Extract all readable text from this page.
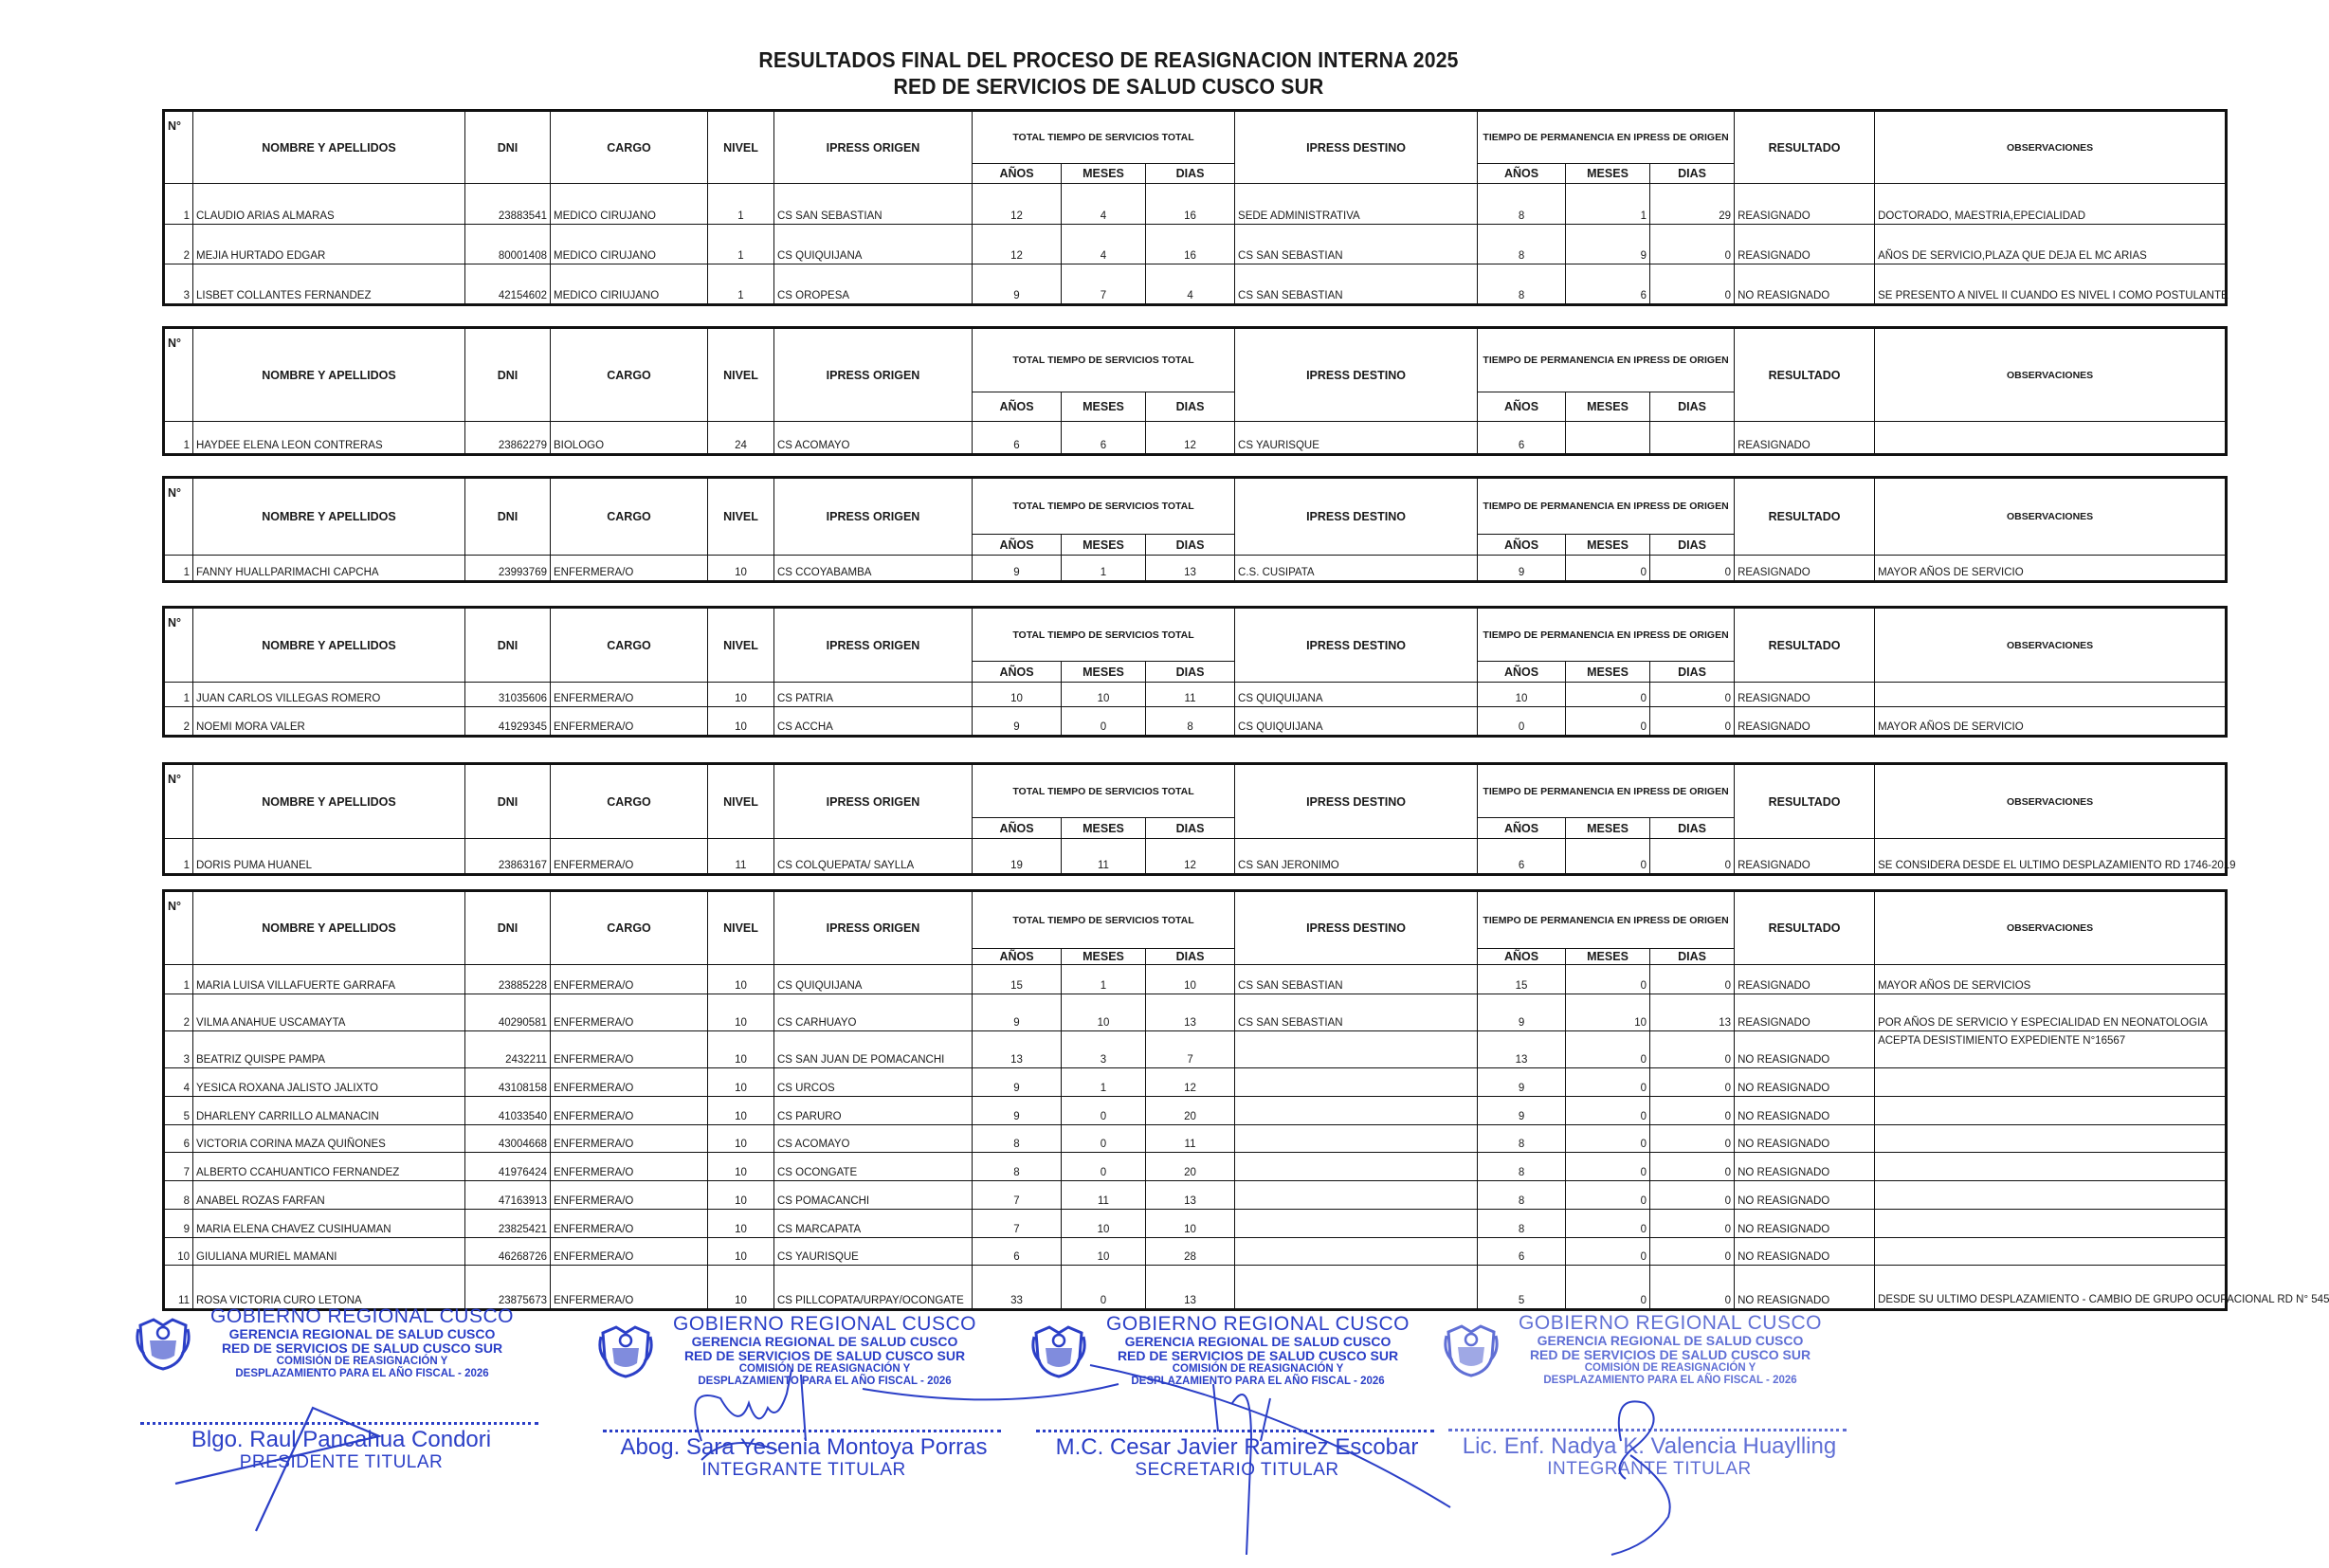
RESULTADOS FINAL DEL PROCESO DE REASIGNACION INTERNA 2025
RED DE SERVICIOS DE SALUD CUSCO SUR
N°	NOMBRE Y APELLIDOS	DNI	CARGO	NIVEL	IPRESS ORIGEN	TOTAL TIEMPO DE SERVICIOS TOTAL			IPRESS DESTINO	TIEMPO DE PERMANENCIA EN IPRESS DE ORIGEN			RESULTADO	OBSERVACIONES
						AÑOS	MESES	DIAS		AÑOS	MESES	DIAS		
1	CLAUDIO ARIAS ALMARAS	23883541	MEDICO CIRUJANO	1	CS SAN SEBASTIAN	12	4	16	SEDE ADMINISTRATIVA	8	1	29	REASIGNADO	DOCTORADO, MAESTRIA,EPECIALIDAD
2	MEJIA HURTADO EDGAR	80001408	MEDICO CIRUJANO	1	CS QUIQUIJANA	12	4	16	CS SAN SEBASTIAN	8	9	0	REASIGNADO	AÑOS DE SERVICIO,PLAZA QUE DEJA EL MC ARIAS
3	LISBET COLLANTES FERNANDEZ	42154602	MEDICO CIRIUJANO	1	CS OROPESA	9	7	4	CS SAN SEBASTIAN	8	6	0	NO REASIGNADO	SE PRESENTO A NIVEL II CUANDO ES NIVEL I COMO POSTULANTE
N°	NOMBRE Y APELLIDOS	DNI	CARGO	NIVEL	IPRESS ORIGEN	TOTAL TIEMPO DE SERVICIOS TOTAL			IPRESS DESTINO	TIEMPO DE PERMANENCIA EN IPRESS DE ORIGEN			RESULTADO	OBSERVACIONES
						AÑOS	MESES	DIAS		AÑOS	MESES	DIAS		
1	HAYDEE ELENA LEON CONTRERAS	23862279	BIOLOGO	24	CS ACOMAYO	6	6	12	CS YAURISQUE	6			REASIGNADO	
N°	NOMBRE Y APELLIDOS	DNI	CARGO	NIVEL	IPRESS ORIGEN	TOTAL TIEMPO DE SERVICIOS TOTAL			IPRESS DESTINO	TIEMPO DE PERMANENCIA EN IPRESS DE ORIGEN			RESULTADO	OBSERVACIONES
						AÑOS	MESES	DIAS		AÑOS	MESES	DIAS		
1	FANNY HUALLPARIMACHI CAPCHA	23993769	ENFERMERA/O	10	CS CCOYABAMBA	9	1	13	C.S. CUSIPATA	9	0	0	REASIGNADO	MAYOR AÑOS DE SERVICIO
N°	NOMBRE Y APELLIDOS	DNI	CARGO	NIVEL	IPRESS ORIGEN	TOTAL TIEMPO DE SERVICIOS TOTAL			IPRESS DESTINO	TIEMPO DE PERMANENCIA EN IPRESS DE ORIGEN			RESULTADO	OBSERVACIONES
						AÑOS	MESES	DIAS		AÑOS	MESES	DIAS		
1	JUAN CARLOS VILLEGAS ROMERO	31035606	ENFERMERA/O	10	CS PATRIA	10	10	11	CS QUIQUIJANA	10	0	0	REASIGNADO	
2	NOEMI MORA VALER	41929345	ENFERMERA/O	10	CS ACCHA	9	0	8	CS QUIQUIJANA	0	0	0	REASIGNADO	MAYOR AÑOS DE SERVICIO
N°	NOMBRE Y APELLIDOS	DNI	CARGO	NIVEL	IPRESS ORIGEN	TOTAL TIEMPO DE SERVICIOS TOTAL			IPRESS DESTINO	TIEMPO DE PERMANENCIA EN IPRESS DE ORIGEN			RESULTADO	OBSERVACIONES
						AÑOS	MESES	DIAS		AÑOS	MESES	DIAS		
1	DORIS PUMA HUANEL	23863167	ENFERMERA/O	11	CS COLQUEPATA/ SAYLLA	19	11	12	CS SAN JERONIMO	6	0	0	REASIGNADO	SE CONSIDERA DESDE EL ULTIMO DESPLAZAMIENTO RD 1746-2019
N°	NOMBRE Y APELLIDOS	DNI	CARGO	NIVEL	IPRESS ORIGEN	TOTAL TIEMPO DE SERVICIOS TOTAL			IPRESS DESTINO	TIEMPO DE PERMANENCIA EN IPRESS DE ORIGEN			RESULTADO	OBSERVACIONES
						AÑOS	MESES	DIAS		AÑOS	MESES	DIAS		
1	MARIA LUISA VILLAFUERTE GARRAFA	23885228	ENFERMERA/O	10	CS QUIQUIJANA	15	1	10	CS SAN SEBASTIAN	15	0	0	REASIGNADO	MAYOR AÑOS DE SERVICIOS
2	VILMA ANAHUE USCAMAYTA	40290581	ENFERMERA/O	10	CS CARHUAYO	9	10	13	CS SAN SEBASTIAN	9	10	13	REASIGNADO	POR AÑOS DE SERVICIO Y ESPECIALIDAD EN NEONATOLOGIA
3	BEATRIZ QUISPE PAMPA	2432211	ENFERMERA/O	10	CS SAN JUAN DE POMACANCHI	13	3	7		13	0	0	NO REASIGNADO	ACEPTA DESISTIMIENTO EXPEDIENTE N°16567
4	YESICA ROXANA JALISTO JALIXTO	43108158	ENFERMERA/O	10	CS URCOS	9	1	12		9	0	0	NO REASIGNADO	
5	DHARLENY CARRILLO ALMANACIN	41033540	ENFERMERA/O	10	CS PARURO	9	0	20		9	0	0	NO REASIGNADO	
6	VICTORIA CORINA MAZA QUIÑONES	43004668	ENFERMERA/O	10	CS ACOMAYO	8	0	11		8	0	0	NO REASIGNADO	
7	ALBERTO CCAHUANTICO FERNANDEZ	41976424	ENFERMERA/O	10	CS OCONGATE	8	0	20		8	0	0	NO REASIGNADO	
8	ANABEL ROZAS FARFAN	47163913	ENFERMERA/O	10	CS POMACANCHI	7	11	13		8	0	0	NO REASIGNADO	
9	MARIA ELENA CHAVEZ CUSIHUAMAN	23825421	ENFERMERA/O	10	CS MARCAPATA	7	10	10		8	0	0	NO REASIGNADO	
10	GIULIANA MURIEL MAMANI	46268726	ENFERMERA/O	10	CS YAURISQUE	6	10	28		6	0	0	NO REASIGNADO	
11	ROSA VICTORIA CURO LETONA	23875673	ENFERMERA/O	10	CS PILLCOPATA/URPAY/OCONGATE	33	0	13		5	0	0	NO REASIGNADO	DESDE SU ULTIMO DESPLAZAMIENTO - CAMBIO DE GRUPO OCUPACIONAL RD N° 545
GOBIERNO REGIONAL CUSCO
GERENCIA REGIONAL DE SALUD CUSCO
RED DE SERVICIOS DE SALUD CUSCO SUR
COMISIÓN DE REASIGNACIÓN Y
DESPLAZAMIENTO PARA EL AÑO FISCAL - 2026
Blgo. Raul Pancahua Condori
PRESIDENTE TITULAR
GOBIERNO REGIONAL CUSCO
GERENCIA REGIONAL DE SALUD CUSCO
RED DE SERVICIOS DE SALUD CUSCO SUR
COMISIÓN DE REASIGNACIÓN Y
DESPLAZAMIENTO PARA EL AÑO FISCAL - 2026
Abog. Sara Yesenia Montoya Porras
INTEGRANTE TITULAR
GOBIERNO REGIONAL CUSCO
GERENCIA REGIONAL DE SALUD CUSCO
RED DE SERVICIOS DE SALUD CUSCO SUR
COMISIÓN DE REASIGNACIÓN Y
DESPLAZAMIENTO PARA EL AÑO FISCAL - 2026
M.C. Cesar Javier Ramirez Escobar
SECRETARIO TITULAR
GOBIERNO REGIONAL CUSCO
GERENCIA REGIONAL DE SALUD CUSCO
RED DE SERVICIOS DE SALUD CUSCO SUR
COMISIÓN DE REASIGNACIÓN Y
DESPLAZAMIENTO PARA EL AÑO FISCAL - 2026
Lic. Enf. Nadya K. Valencia Huaylling
INTEGRANTE TITULAR
